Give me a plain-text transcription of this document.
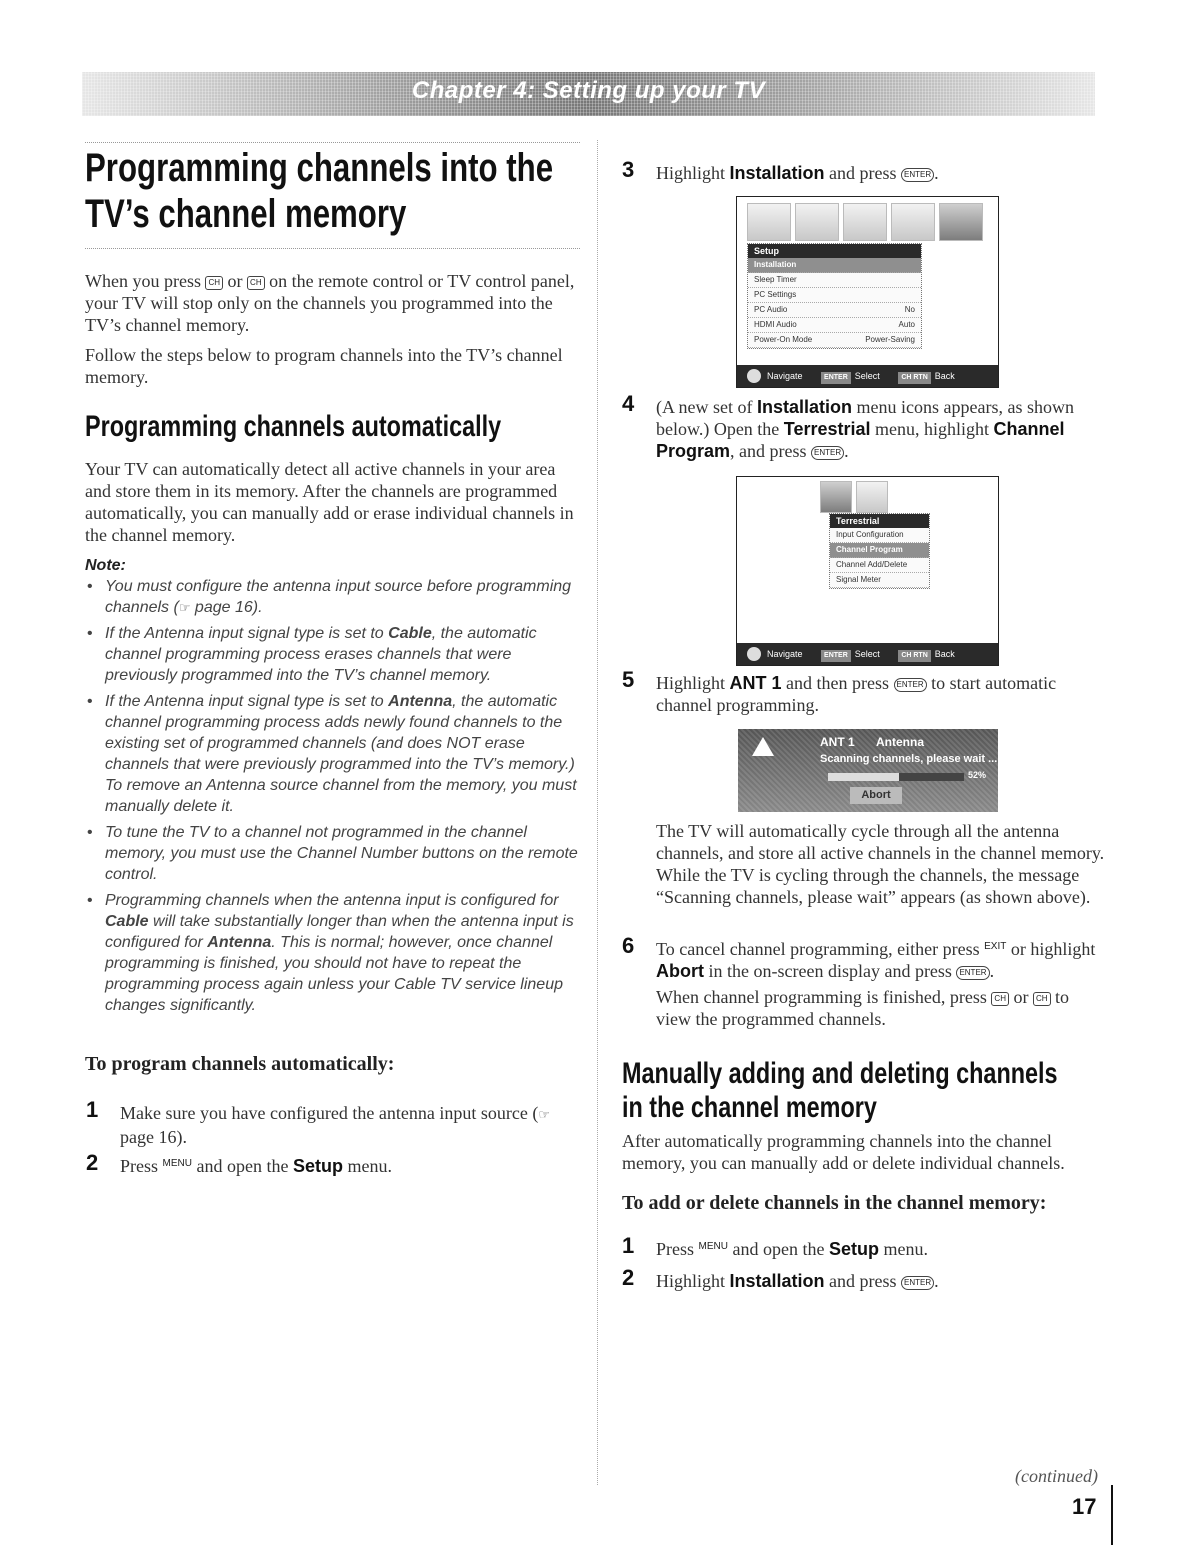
Chapter 4: Setting up your TV
Programming channels into the
TV’s channel memory

When you press CH or CH on the remote control or TV control panel, your TV will stop only on the channels you programmed into the TV’s channel memory.

Follow the steps below to program channels into the TV’s channel memory.

Programming channels automatically

Your TV can automatically detect all active channels in your area and store them in its memory. After the channels are programmed automatically, you can manually add or erase individual channels in the channel memory.

Note:
• You must configure the antenna input source before programming channels (☞ page 16).
• If the Antenna input signal type is set to Cable, the automatic channel programming process erases channels that were previously programmed into the TV’s channel memory.
• If the Antenna input signal type is set to Antenna, the automatic channel programming process adds newly found channels to the existing set of programmed channels (and does NOT erase channels that were previously programmed into the TV’s memory.) To remove an Antenna source channel from the memory, you must manually delete it.
• To tune the TV to a channel not programmed in the channel memory, you must use the Channel Number buttons on the remote control.
• Programming channels when the antenna input is configured for Cable will take substantially longer than when the antenna input is configured for Antenna. This is normal; however, once channel programming is finished, you should not have to repeat the programming process again unless your Cable TV service lineup changes significantly.
To program channels automatically:
1 Make sure you have configured the antenna input source (☞ page 16).
2 Press MENU and open the Setup menu.
3 Highlight Installation and press ENTER .
Setup
Installation
Sleep Timer
PC Settings
PC Audio	No
HDMI Audio	Auto
Power-On Mode	Power-Saving
Navigate	ENTER Select	CH RTN Back
4 (A new set of Installation menu icons appears, as shown below.) Open the Terrestrial menu, highlight Channel Program, and press ENTER .
Terrestrial
Input Configuration
Channel Program
Channel Add/Delete
Signal Meter
Navigate	ENTER Select	CH RTN Back
5 Highlight ANT 1 and then press ENTER to start automatic channel programming.
ANT 1 Antenna
Scanning channels, please wait ...
52%
Abort

The TV will automatically cycle through all the antenna channels, and store all active channels in the channel memory. While the TV is cycling through the channels, the message “Scanning channels, please wait” appears (as shown above).

6 To cancel channel programming, either press EXIT or highlight Abort in the on-screen display and press ENTER .

When channel programming is finished, press CH or CH to view the programmed channels.

Manually adding and deleting channels
in the channel memory

After automatically programming channels into the channel memory, you can manually add or delete individual channels.

To add or delete channels in the channel memory:
1 Press MENU and open the Setup menu.
2 Highlight Installation and press ENTER .
(continued)
17
